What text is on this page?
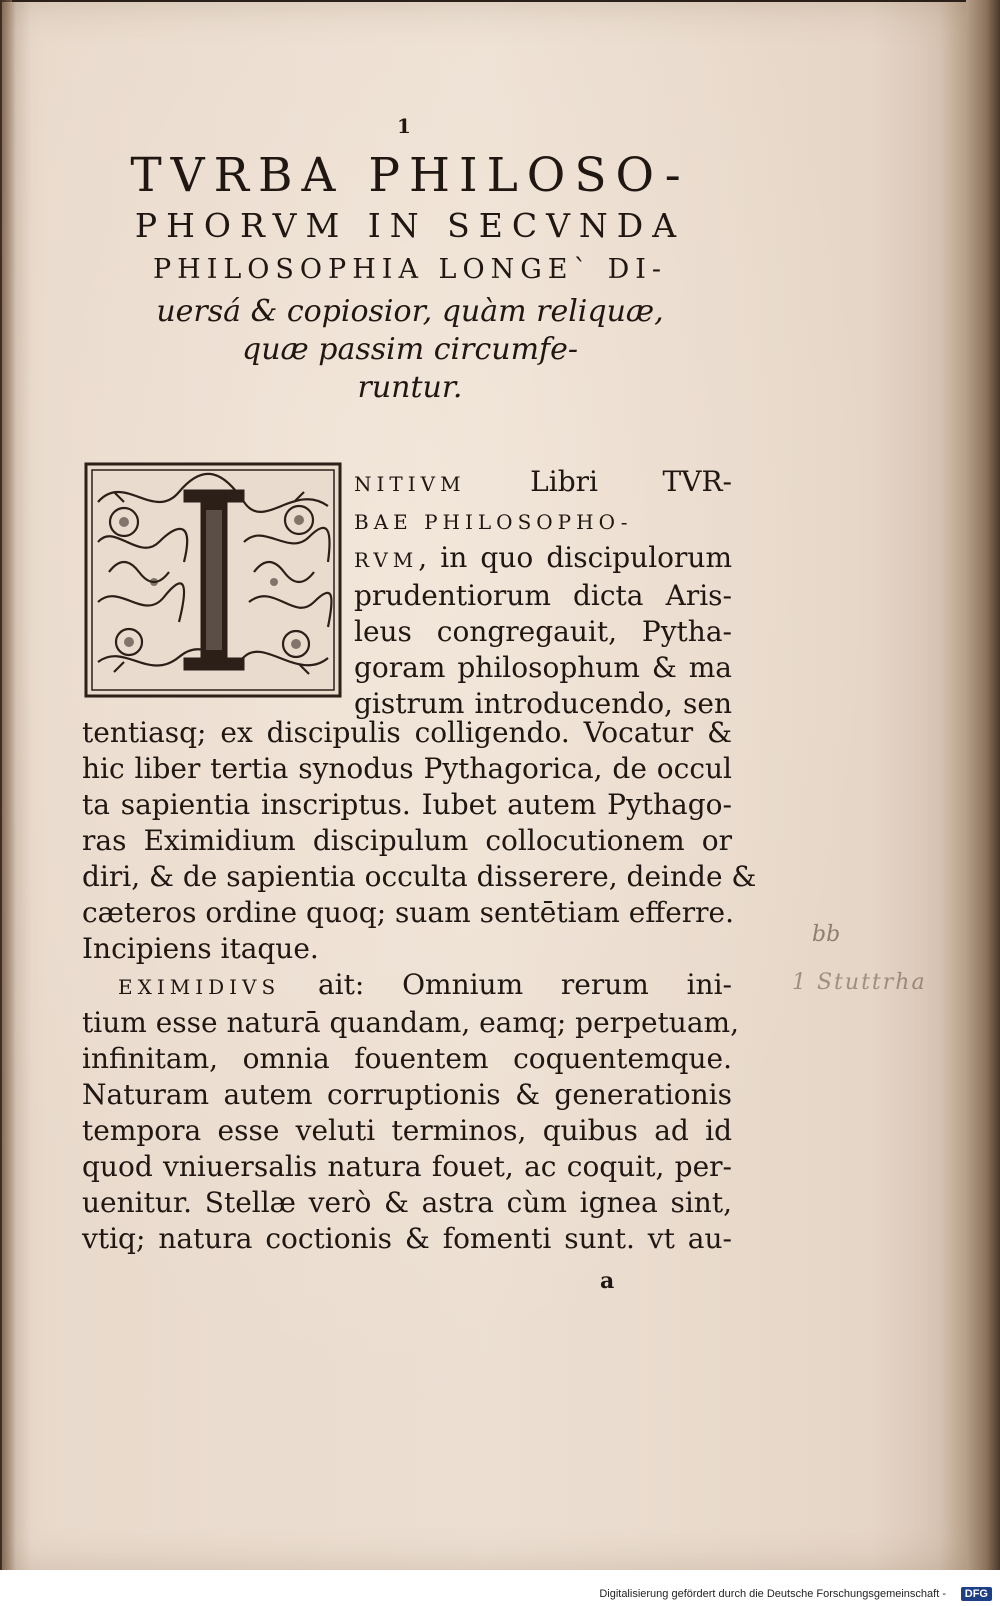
1
TVRBA PHILOSO-
PHORVM IN SECVNDA
PHILOSOPHIA LONGE` DI-
uersá & copiosior, quàm reliquæ,
quæ passim circumfe-
runtur.
NITIVM Libri TVR-
BAE PHILOSOPHO-
RVM, in quo discipulorum
prudentiorum dicta Aris-
leus congregauit, Pytha-
goram philosophum & ma
gistrum introducendo, sen
tentiasq; ex discipulis colligendo. Vocatur &
hic liber tertia synodus Pythagorica, de occul
ta sapientia inscriptus. Iubet autem Pythago-
ras Eximidium discipulum collocutionem or
diri, & de sapientia occulta disserere, deinde &
cæteros ordine quoq; suam sentētiam efferre.
Incipiens itaque.
EXIMIDIVS ait: Omnium rerum ini-
tium esse naturā quandam, eamq; perpetuam,
infinitam, omnia fouentem coquentemque.
Naturam autem corruptionis & generationis
tempora esse veluti terminos, quibus ad id
quod vniuersalis natura fouet, ac coquit, per-
uenitur. Stellæ verò & astra cùm ignea sint,
vtiq; natura coctionis & fomenti sunt. vt au-
a
bb
1 Stuttrha
Digitalisierung gefördert durch die Deutsche Forschungsgemeinschaft -	DFG
